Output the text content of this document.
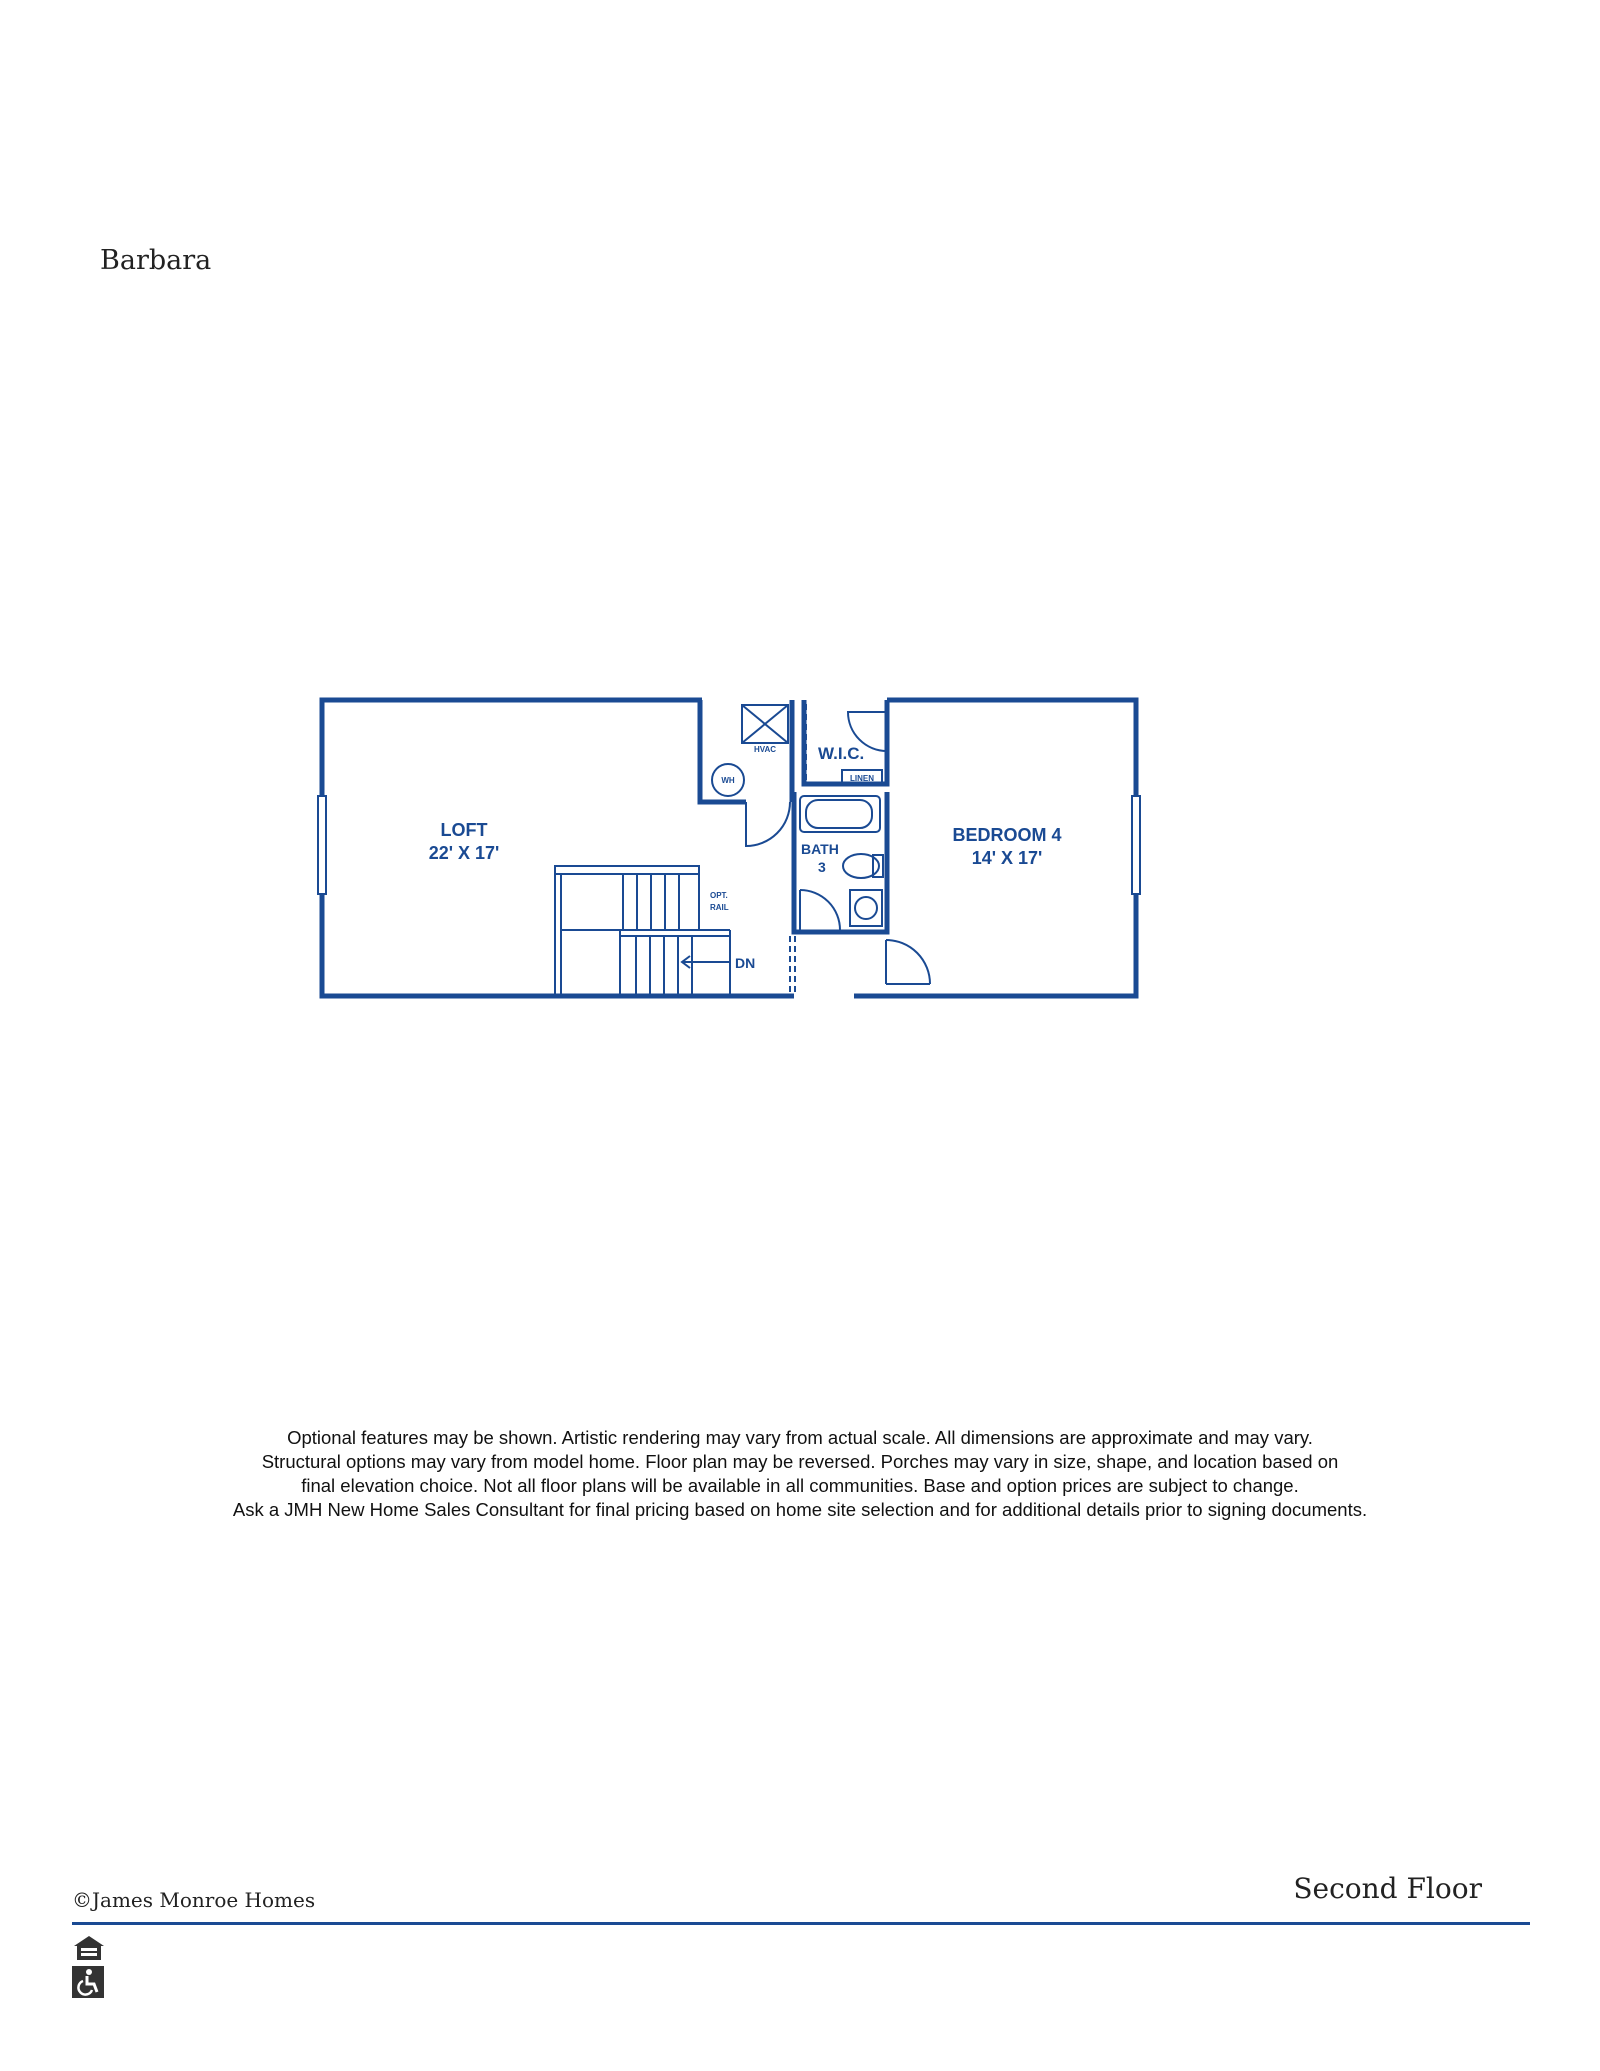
Barbara
LOFT
22' X 17'
BEDROOM 4
14' X 17'
BATH
3
W.I.C.
LINEN
HVAC
WH
OPT.
RAIL
DN
Optional features may be shown. Artistic rendering may vary from actual scale. All dimensions are approximate and may vary.
Structural options may vary from model home. Floor plan may be reversed. Porches may vary in size, shape, and location based on
final elevation choice. Not all floor plans will be available in all communities. Base and option prices are subject to change.
Ask a JMH New Home Sales Consultant for final pricing based on home site selection and for additional details prior to signing documents.
©James Monroe Homes	Second Floor
